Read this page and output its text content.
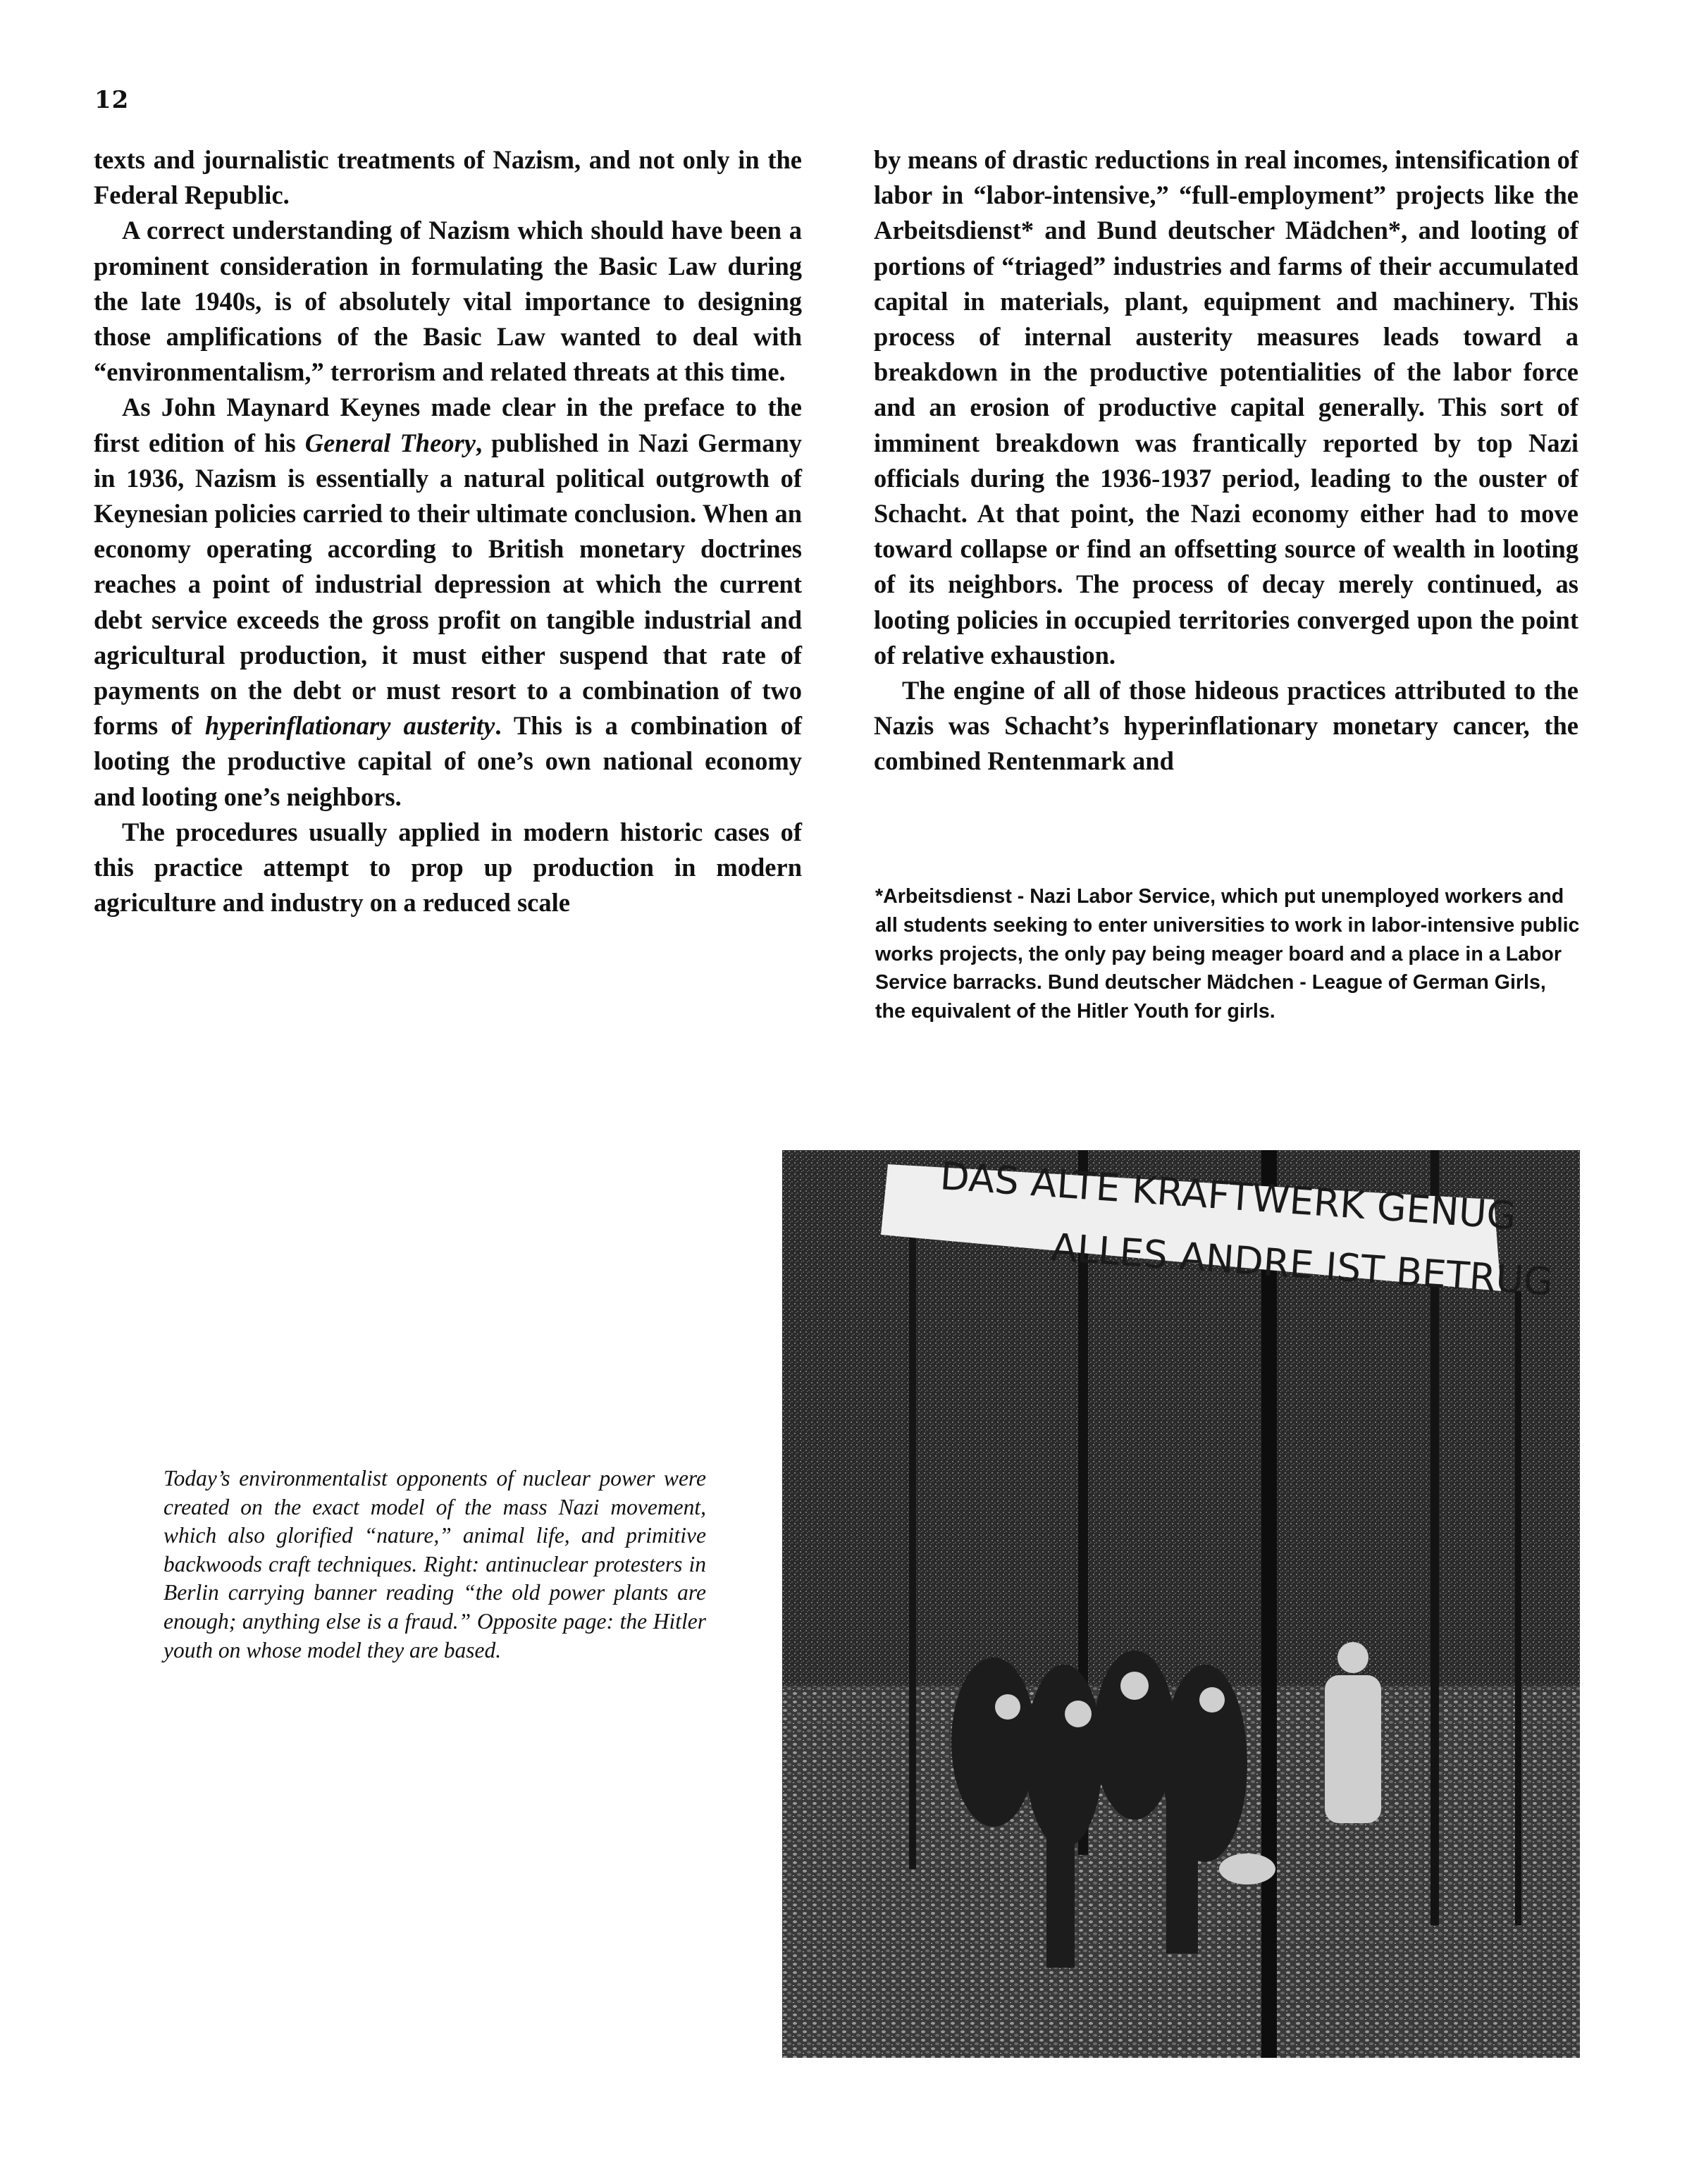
12

texts and journalistic treatments of Nazism, and not only in the Federal Republic.

A correct understanding of Nazism which should have been a prominent consideration in formulating the Basic Law during the late 1940s, is of absolutely vital importance to designing those amplifications of the Basic Law wanted to deal with “environmentalism,” terrorism and related threats at this time.

As John Maynard Keynes made clear in the preface to the first edition of his General Theory, published in Nazi Germany in 1936, Nazism is essentially a natural political outgrowth of Keynesian policies carried to their ultimate conclusion. When an economy operating according to British monetary doctrines reaches a point of industrial depression at which the current debt service exceeds the gross profit on tangible industrial and agricultural production, it must either suspend that rate of payments on the debt or must resort to a combination of two forms of hyperinflationary austerity. This is a combination of looting the productive capital of one’s own national economy and looting one’s neighbors.

The procedures usually applied in modern historic cases of this practice attempt to prop up production in modern agriculture and industry on a reduced scale

by means of drastic reductions in real incomes, intensification of labor in “labor-intensive,” “full-employment” projects like the Arbeitsdienst* and Bund deutscher Mädchen*, and looting of portions of “triaged” industries and farms of their accumulated capital in materials, plant, equipment and machinery. This process of internal austerity measures leads toward a breakdown in the productive potentialities of the labor force and an erosion of productive capital generally. This sort of imminent breakdown was frantically reported by top Nazi officials during the 1936-1937 period, leading to the ouster of Schacht. At that point, the Nazi economy either had to move toward collapse or find an offsetting source of wealth in looting of its neighbors. The process of decay merely continued, as looting policies in occupied territories converged upon the point of relative exhaustion.

The engine of all of those hideous practices attributed to the Nazis was Schacht’s hyperinflationary monetary cancer, the combined Rentenmark and

*Arbeitsdienst - Nazi Labor Service, which put unemployed workers and all students seeking to enter universities to work in labor-intensive public works projects, the only pay being meager board and a place in a Labor Service barracks. Bund deutscher Mädchen - League of German Girls, the equivalent of the Hitler Youth for girls.
Today’s environmentalist opponents of nuclear power were created on the exact model of the mass Nazi movement, which also glorified “nature,” animal life, and primitive backwoods craft techniques. Right: antinuclear protesters in Berlin carrying banner reading “the old power plants are enough; anything else is a fraud.” Opposite page: the Hitler youth on whose model they are based.
DAS ALTE KRAFTWERK GENUG
ALLES ANDRE IST BETRUG
